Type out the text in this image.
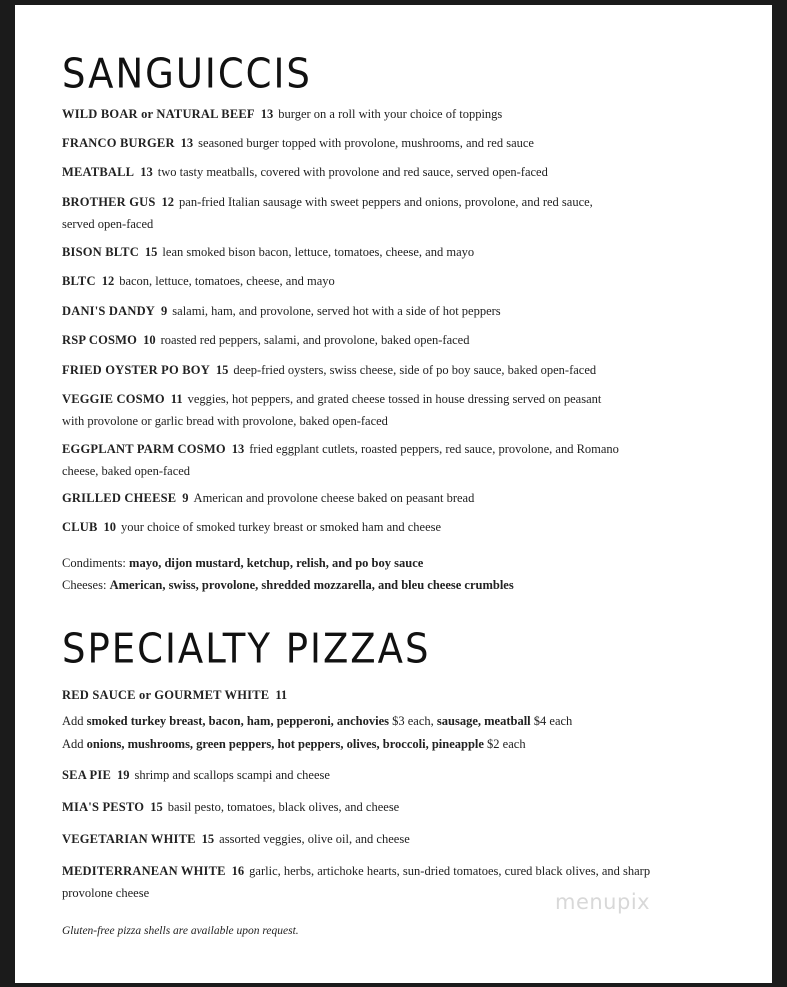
SANGUICCIS
WILD BOAR or NATURAL BEEF 13 burger on a roll with your choice of toppings
FRANCO BURGER 13 seasoned burger topped with provolone, mushrooms, and red sauce
MEATBALL 13 two tasty meatballs, covered with provolone and red sauce, served open-faced
BROTHER GUS 12 pan-fried Italian sausage with sweet peppers and onions, provolone, and red sauce, served open-faced
BISON BLTC 15 lean smoked bison bacon, lettuce, tomatoes, cheese, and mayo
BLTC 12 bacon, lettuce, tomatoes, cheese, and mayo
DANI'S DANDY 9 salami, ham, and provolone, served hot with a side of hot peppers
RSP COSMO 10 roasted red peppers, salami, and provolone, baked open-faced
FRIED OYSTER PO BOY 15 deep-fried oysters, swiss cheese, side of po boy sauce, baked open-faced
VEGGIE COSMO 11 veggies, hot peppers, and grated cheese tossed in house dressing served on peasant with provolone or garlic bread with provolone, baked open-faced
EGGPLANT PARM COSMO 13 fried eggplant cutlets, roasted peppers, red sauce, provolone, and Romano cheese, baked open-faced
GRILLED CHEESE 9 American and provolone cheese baked on peasant bread
CLUB 10 your choice of smoked turkey breast or smoked ham and cheese
Condiments: mayo, dijon mustard, ketchup, relish, and po boy sauce
Cheeses: American, swiss, provolone, shredded mozzarella, and bleu cheese crumbles
SPECIALTY PIZZAS
RED SAUCE or GOURMET WHITE 11
Add smoked turkey breast, bacon, ham, pepperoni, anchovies $3 each, sausage, meatball $4 each
Add onions, mushrooms, green peppers, hot peppers, olives, broccoli, pineapple $2 each
SEA PIE 19 shrimp and scallops scampi and cheese
MIA'S PESTO 15 basil pesto, tomatoes, black olives, and cheese
VEGETARIAN WHITE 15 assorted veggies, olive oil, and cheese
MEDITERRANEAN WHITE 16 garlic, herbs, artichoke hearts, sun-dried tomatoes, cured black olives, and sharp provolone cheese
Gluten-free pizza shells are available upon request.
menupix
